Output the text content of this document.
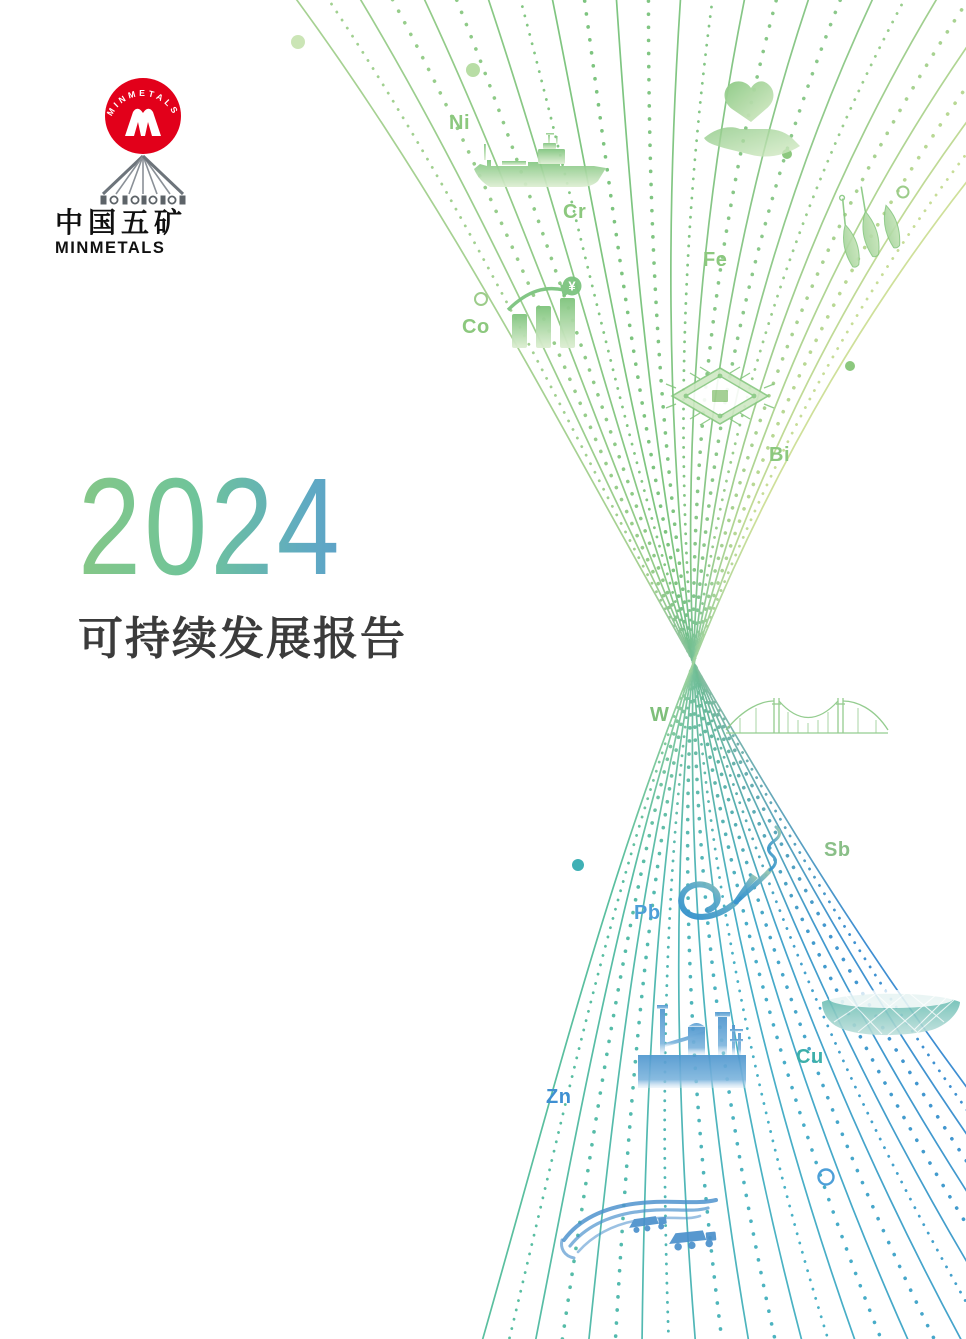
¥
Ni
Cr
Fe
Co
Bi
W
Sb
Pb
Zn
Cu
MINMETALS
中国五矿
MINMETALS
2024
可持续发展报告
